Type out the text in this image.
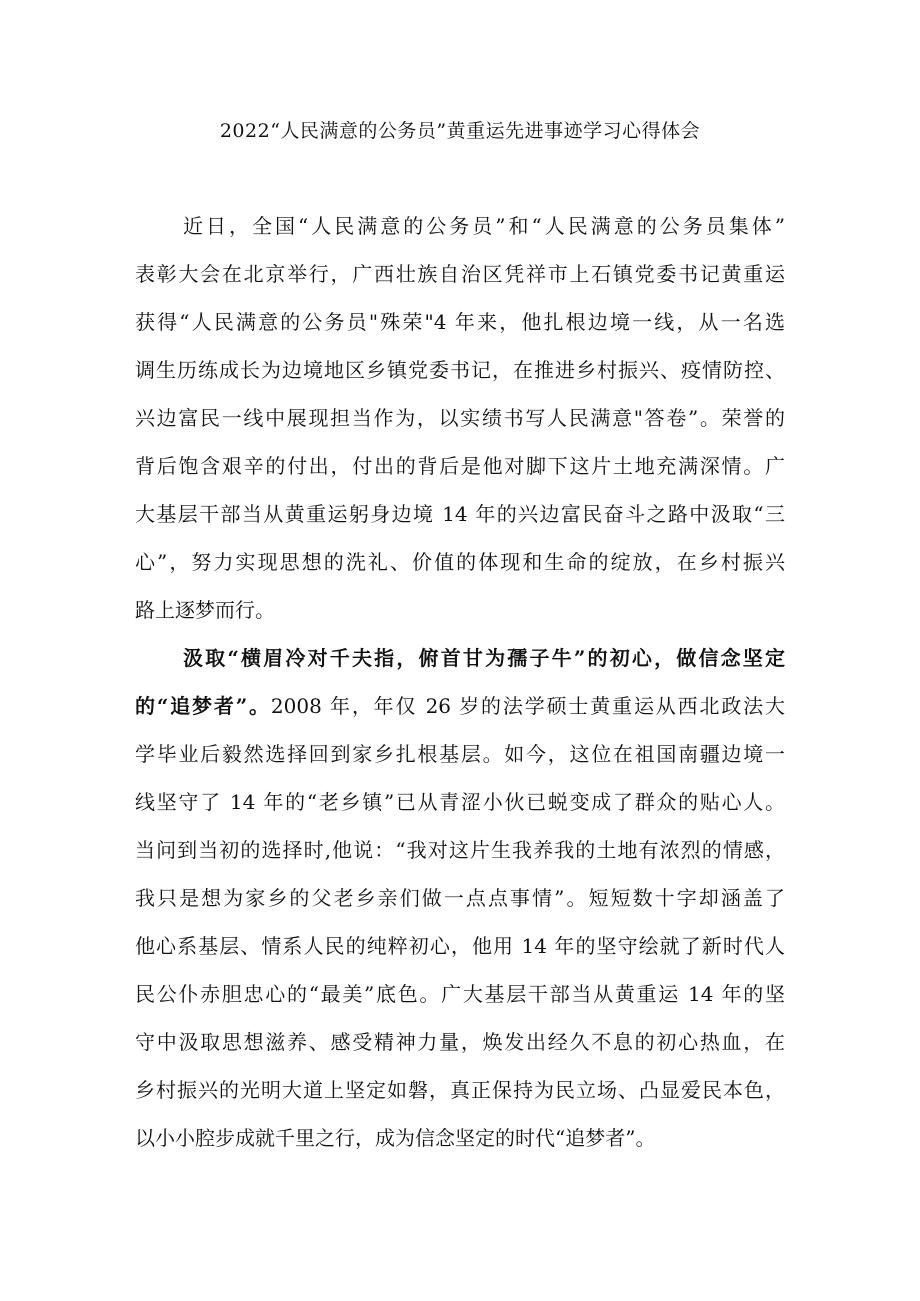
2022“人民满意的公务员”黄重运先进事迹学习心得体会
近日，全国“人民满意的公务员”和“人民满意的公务员集体”
表彰大会在北京举行，广西壮族自治区凭祥市上石镇党委书记黄重运
获得“人民满意的公务员"殊荣"4 年来，他扎根边境一线，从一名选
调生历练成长为边境地区乡镇党委书记，在推进乡村振兴、疫情防控、
兴边富民一线中展现担当作为，以实绩书写人民满意"答卷”。荣誉的
背后饱含艰辛的付出，付出的背后是他对脚下这片土地充满深情。广
大基层干部当从黄重运躬身边境 14 年的兴边富民奋斗之路中汲取“三
心”，努力实现思想的洗礼、价值的体现和生命的绽放，在乡村振兴
路上逐梦而行。
汲取“横眉冷对千夫指，俯首甘为孺子牛”的初心，做信念坚定
的“追梦者”。2008 年，年仅 26 岁的法学硕士黄重运从西北政法大
学毕业后毅然选择回到家乡扎根基层。如今，这位在祖国南疆边境一
线坚守了 14 年的“老乡镇”已从青涩小伙已蜕变成了群众的贴心人。
当问到当初的选择时,他说：“我对这片生我养我的土地有浓烈的情感，
我只是想为家乡的父老乡亲们做一点点事情”。短短数十字却涵盖了
他心系基层、情系人民的纯粹初心，他用 14 年的坚守绘就了新时代人
民公仆赤胆忠心的“最美”底色。广大基层干部当从黄重运 14 年的坚
守中汲取思想滋养、感受精神力量，焕发出经久不息的初心热血，在
乡村振兴的光明大道上坚定如磐，真正保持为民立场、凸显爱民本色，
以小小腔步成就千里之行，成为信念坚定的时代“追梦者”。
